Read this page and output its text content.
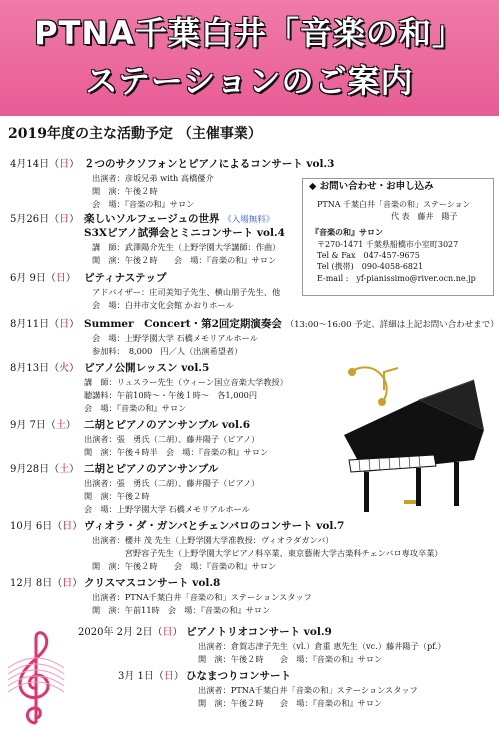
PTNA千葉白井「音楽の和」
ステーションのご案内
2019年度の主な活動予定 （主催事業）
4月14日（日） ２つのサクソフォンとピアノによるコンサート vol.3
出演者：彦坂兄弟 with 高橋優介
開　演：午後２時
会　場：『音楽の和』サロン
5月26日（日） 楽しいソルフェージュの世界 《入場無料》
S3Xピアノ試弾会とミニコンサート vol.4
講　師：武澤陽介先生（上野学園大学講師：作曲）
開　演：午後２時　　会　場：『音楽の和』サロン
6月 9日（日） ピティナステップ
アドバイザー：庄司美知子先生、横山朋子先生、他
会　場：白井市文化会館 かおりホール
8月11日（日） Summer　Concert・第2回定期演奏会 （13:00～16:00 予定、詳細は上記お問い合わせまで）
会　場：上野学園大学 石橋メモリアルホール
参加料：　8,000　円／人（出演希望者）
8月13日（火） ピアノ公開レッスン vol.5
講　師：リュスラー先生（ウィーン国立音楽大学教授）
聴講料：午前10時～・午後１時～　各1,000円
会　場：『音楽の和』サロン
9月 7日（土） 二胡とピアノのアンサンブル vol.6
出演者：張　勇氏（二胡）、藤井陽子（ピアノ）
開　演：午後４時半　会　場：『音楽の和』サロン
9月28日（土） 二胡とピアノのアンサンブル
出演者：張　勇氏（二胡）、藤井陽子（ピアノ）
開　演：午後２時
会　場：上野学園大学 石橋メモリアルホール
10月 6日（日） ヴィオラ・ダ・ガンバとチェンバロのコンサート vol.7
出演者：櫻井 茂 先生（上野学園大学准教授：ヴィオラダガンバ）
　　　　宮野容子先生（上野学園大学ピアノ科卒業、東京藝術大学古楽科チェンバロ専攻卒業）
開　演：午後２時　　会　場：『音楽の和』サロン
12月 8日（日） クリスマスコンサート vol.8
出演者：PTNA千葉白井「音楽の和」ステーションスタッフ
開　演：午前11時　会　場：『音楽の和』サロン
2020年 2月 2日（日） ピアノトリオコンサート vol.9
出演者：倉賀志津子先生（vl.）倉重 恵先生（vc.）藤井陽子（pf.）
開　演：午後２時　　会　場：『音楽の和』サロン
3月 1日（日） ひなまつりコンサート
出演者：PTNA千葉白井「音楽の和」ステーションスタッフ
開　演：午後２時　　会　場：『音楽の和』サロン
◆ お問い合わせ・お申し込み
PTNA 千葉白井「音楽の和」ステーション
代 表　藤井　陽子
『音楽の和』サロン
〒270-1471 千葉県船橋市小室町3027
Tel & Fax　047-457-9675
Tel (携帯)　090-4058-6821
E-mail :　yf-pianissimo@river.ocn.ne.jp
